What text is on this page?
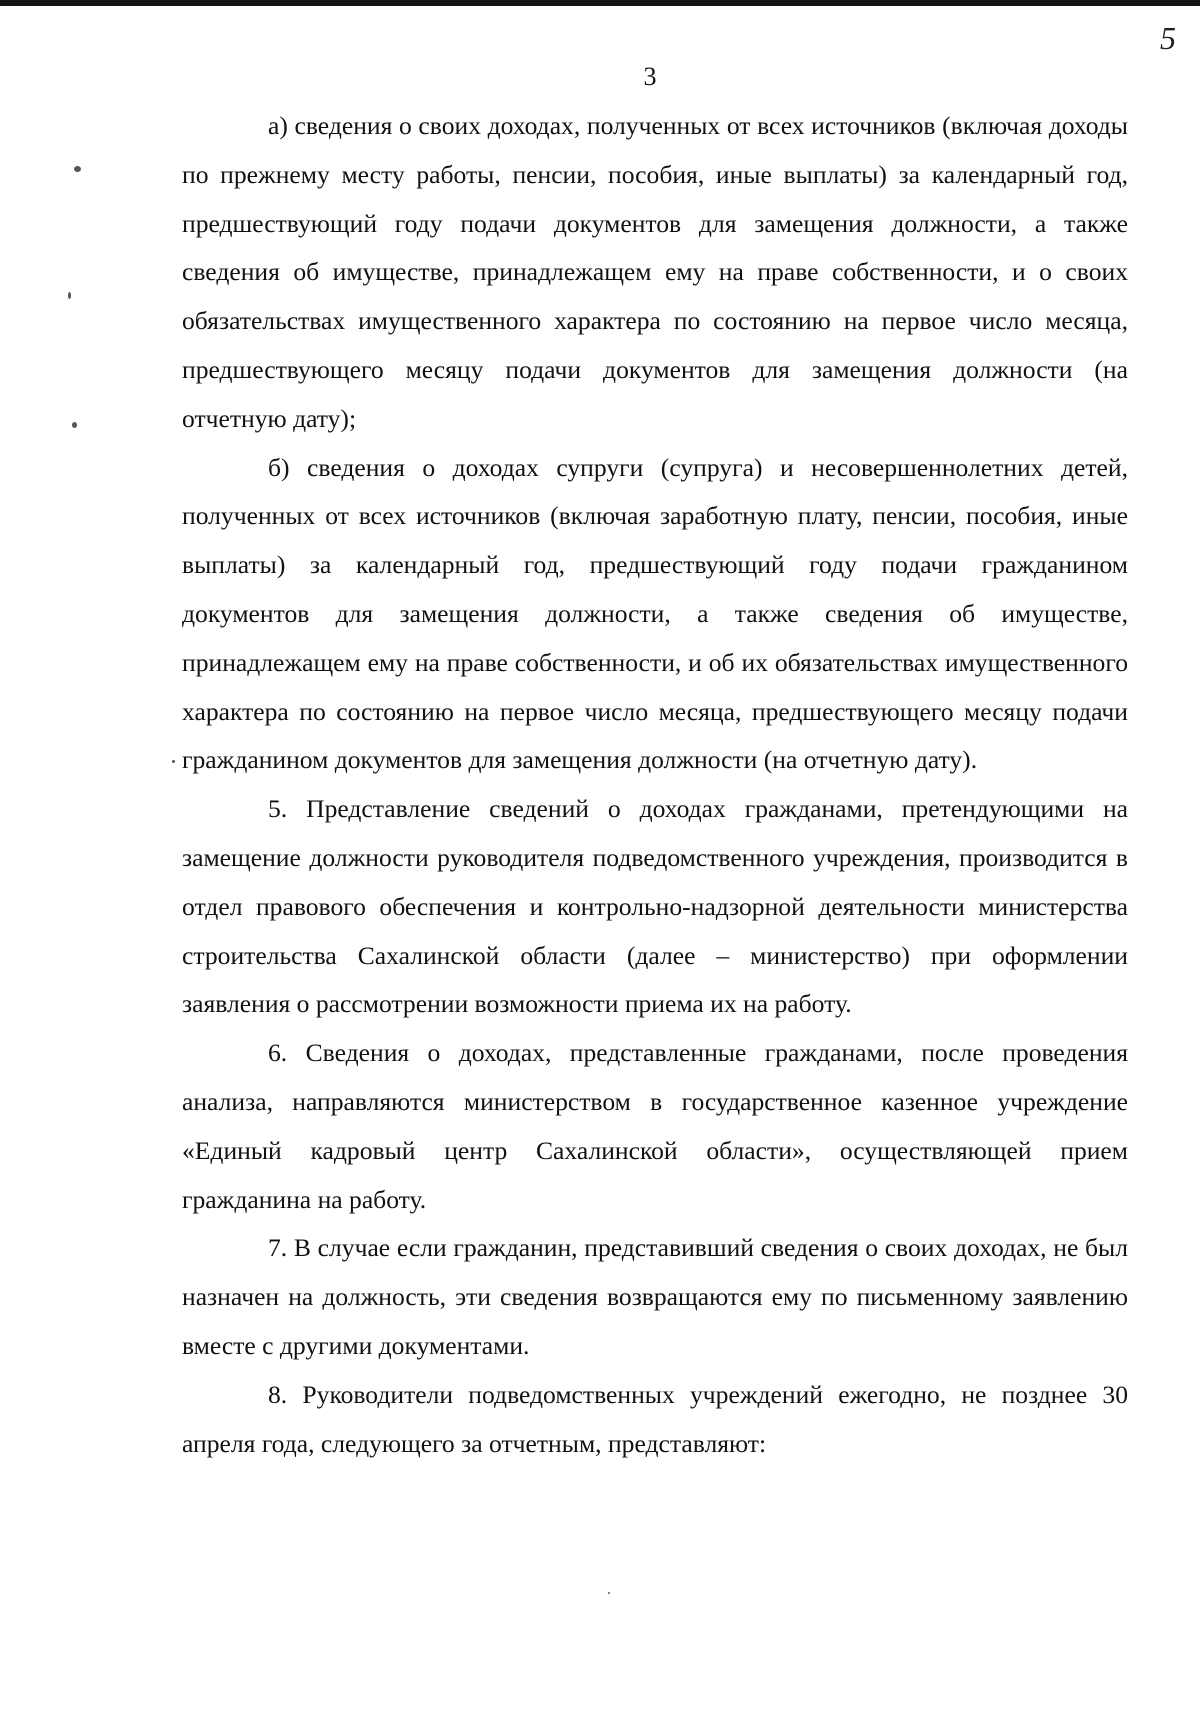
3
5

а) сведения о своих доходах, полученных от всех источников (включая доходы по прежнему месту работы, пенсии, пособия, иные выплаты) за календарный год, предшествующий году подачи документов для замещения должности, а также сведения об имуществе, принадлежащем ему на праве собственности, и о своих обязательствах имущественного характера по состоянию на первое число месяца, предшествующего месяцу подачи документов для замещения должности (на отчетную дату);

б) сведения о доходах супруги (супруга) и несовершеннолетних детей, полученных от всех источников (включая заработную плату, пенсии, пособия, иные выплаты) за календарный год, предшествующий году подачи гражданином документов для замещения должности, а также сведения об имуществе, принадлежащем ему на праве собственности, и об их обязательствах имущественного характера по состоянию на первое число месяца, предшествующего месяцу подачи гражданином документов для замещения должности (на отчетную дату).

5. Представление сведений о доходах гражданами, претендующими на замещение должности руководителя подведомственного учреждения, производится в отдел правового обеспечения и контрольно-надзорной деятельности министерства строительства Сахалинской области (далее – министерство) при оформлении заявления о рассмотрении возможности приема их на работу.

6. Сведения о доходах, представленные гражданами, после проведения анализа, направляются министерством в государственное казенное учреждение «Единый кадровый центр Сахалинской области», осуществляющей прием гражданина на работу.

7. В случае если гражданин, представивший сведения о своих доходах, не был назначен на должность, эти сведения возвращаются ему по письменному заявлению вместе с другими документами.

8. Руководители подведомственных учреждений ежегодно, не позднее 30 апреля года, следующего за отчетным, представляют:
